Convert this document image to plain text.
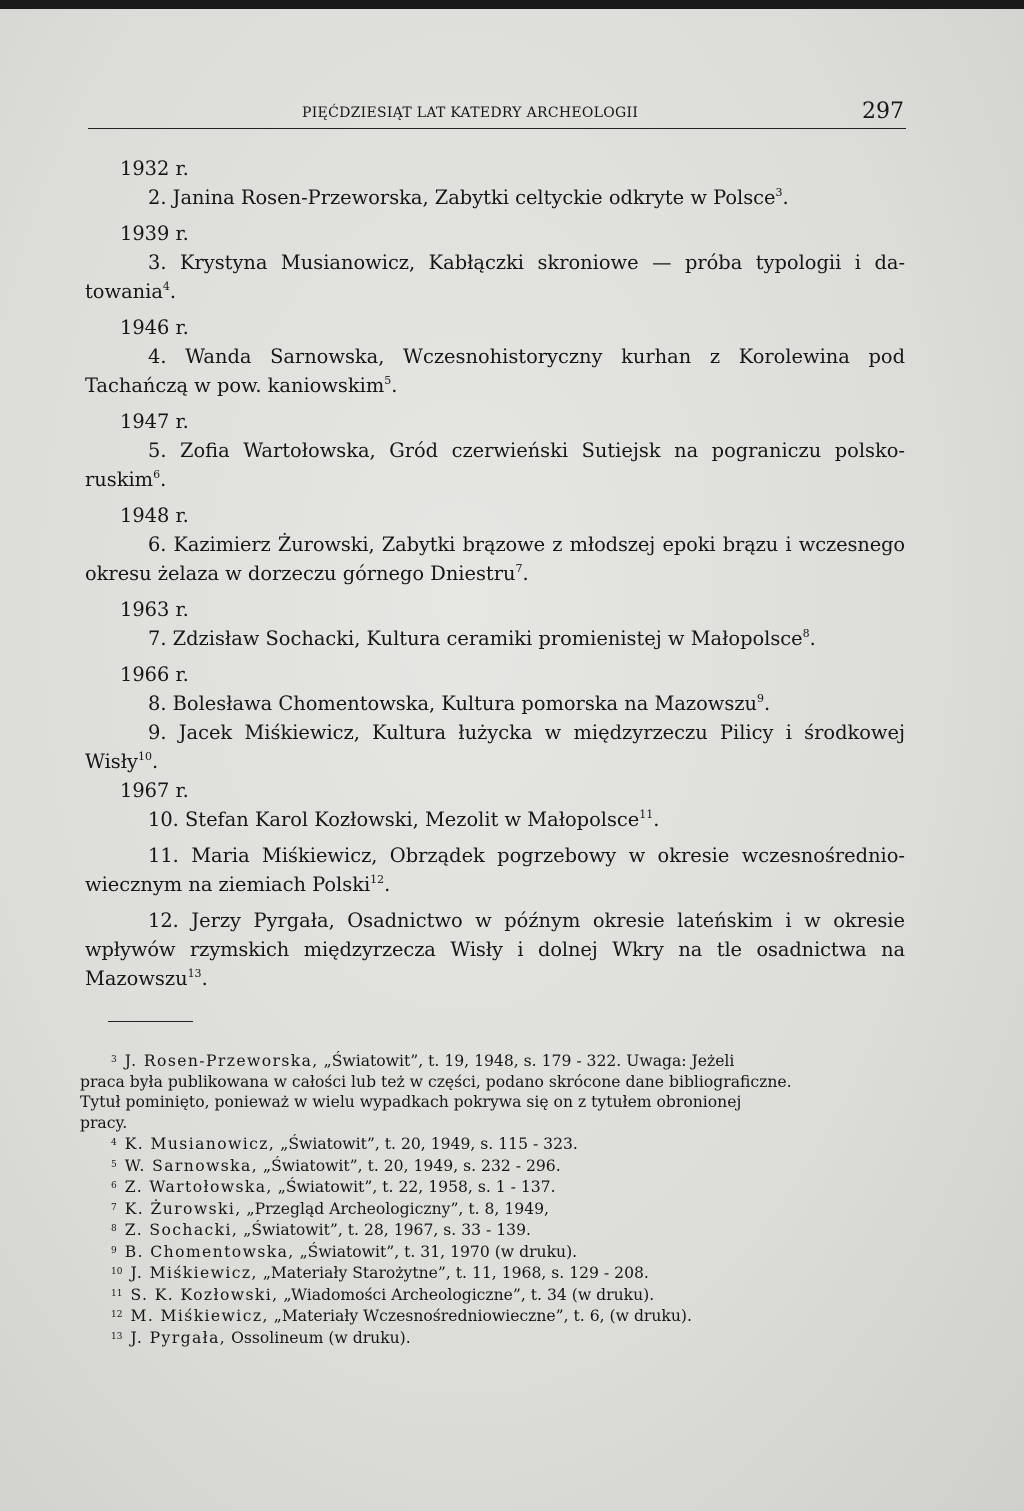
PIĘĆDZIESIĄT LAT KATEDRY ARCHEOLOGII	297
1932 r.
2. Janina Rosen-Przeworska, Zabytki celtyckie odkryte w Polsce$^3$.
1939 r.
3. Krystyna Musianowicz, Kabłączki skroniowe — próba typologii i da-
towania$^4$.
1946 r.
4. Wanda Sarnowska, Wczesnohistoryczny kurhan z Korolewina pod
Tachańczą w pow. kaniowskim$^5$.
1947 r.
5. Zofia Wartołowska, Gród czerwieński Sutiejsk na pograniczu polsko-
ruskim$^6$.
1948 r.
6. Kazimierz Żurowski, Zabytki brązowe z młodszej epoki brązu i wczesnego
okresu żelaza w dorzeczu górnego Dniestru$^7$.
1963 r.
7. Zdzisław Sochacki, Kultura ceramiki promienistej w Małopolsce$^8$.
1966 r.
8. Bolesława Chomentowska, Kultura pomorska na Mazowszu$^9$.
9. Jacek Miśkiewicz, Kultura łużycka w międzyrzeczu Pilicy i środkowej
Wisły$^{10}$.
1967 r.
10. Stefan Karol Kozłowski, Mezolit w Małopolsce$^{11}$.
11. Maria Miśkiewicz, Obrządek pogrzebowy w okresie wczesnośrednio-
wiecznym na ziemiach Polski$^{12}$.
12. Jerzy Pyrgała, Osadnictwo w późnym okresie lateńskim i w okresie
wpływów rzymskich międzyrzecza Wisły i dolnej Wkry na tle osadnictwa na
Mazowszu$^{13}$.
$^3$ J. Rosen-Przeworska, „Światowit”, t. 19, 1948, s. 179 - 322. Uwaga: Jeżeli
praca była publikowana w całości lub też w części, podano skrócone dane bibliograficzne.
Tytuł pominięto, ponieważ w wielu wypadkach pokrywa się on z tytułem obronionej
pracy.
$^4$ K. Musianowicz, „Światowit”, t. 20, 1949, s. 115 - 323.
$^5$ W. Sarnowska, „Światowit”, t. 20, 1949, s. 232 - 296.
$^6$ Z. Wartołowska, „Światowit”, t. 22, 1958, s. 1 - 137.
$^7$ K. Żurowski, „Przegląd Archeologiczny”, t. 8, 1949,
$^8$ Z. Sochacki, „Światowit”, t. 28, 1967, s. 33 - 139.
$^9$ B. Chomentowska, „Światowit”, t. 31, 1970 (w druku).
$^{10}$ J. Miśkiewicz, „Materiały Starożytne”, t. 11, 1968, s. 129 - 208.
$^{11}$ S. K. Kozłowski, „Wiadomości Archeologiczne”, t. 34 (w druku).
$^{12}$ M. Miśkiewicz, „Materiały Wczesnośredniowieczne”, t. 6, (w druku).
$^{13}$ J. Pyrgała, Ossolineum (w druku).
